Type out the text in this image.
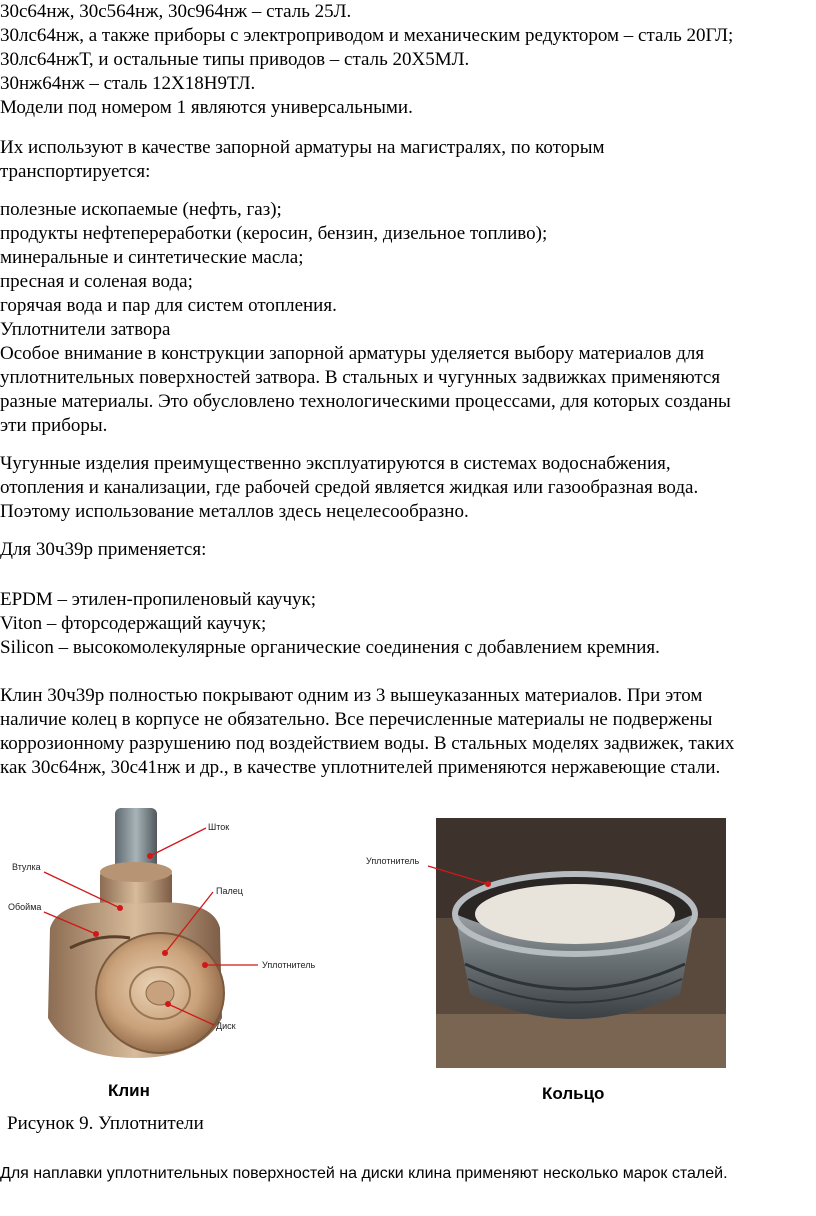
30с64нж, 30с564нж, 30с964нж – сталь 25Л.
30лс64нж, а также приборы с электроприводом и механическим редуктором – сталь 20ГЛ;
30лс64нжТ, и остальные типы приводов – сталь 20Х5МЛ.
30нж64нж – сталь 12Х18Н9ТЛ.
Модели под номером 1 являются универсальными.
Их используют в качестве запорной арматуры на магистралях, по которым
транспортируется:
полезные ископаемые (нефть, газ);
продукты нефтепереработки (керосин, бензин, дизельное топливо);
минеральные и синтетические масла;
пресная и соленая вода;
горячая вода и пар для систем отопления.
Уплотнители затвора
Особое внимание в конструкции запорной арматуры уделяется выбору материалов для
уплотнительных поверхностей затвора. В стальных и чугунных задвижках применяются
разные материалы. Это обусловлено технологическими процессами, для которых созданы
эти приборы.
Чугунные изделия преимущественно эксплуатируются в системах водоснабжения,
отопления и канализации, где рабочей средой является жидкая или газообразная вода.
Поэтому использование металлов здесь нецелесообразно.
Для 30ч39р применяется:
EPDM – этилен-пропиленовый каучук;
Viton – фторсодержащий каучук;
Silicon – высокомолекулярные органические соединения с добавлением кремния.
Клин 30ч39р полностью покрывают одним из 3 вышеуказанных материалов. При этом
наличие колец в корпусе не обязательно. Все перечисленные материалы не подвержены
коррозионному разрушению под воздействием воды. В стальных моделях задвижек, таких
как 30с64нж, 30с41нж и др., в качестве уплотнителей применяются нержавеющие стали.
Шток
Втулка
Палец
Обойма
Уплотнитель
Диск
Уплотнитель
Клин	Кольцо
Рисунок 9. Уплотнители
Для наплавки уплотнительных поверхностей на диски клина применяют несколько марок сталей.
